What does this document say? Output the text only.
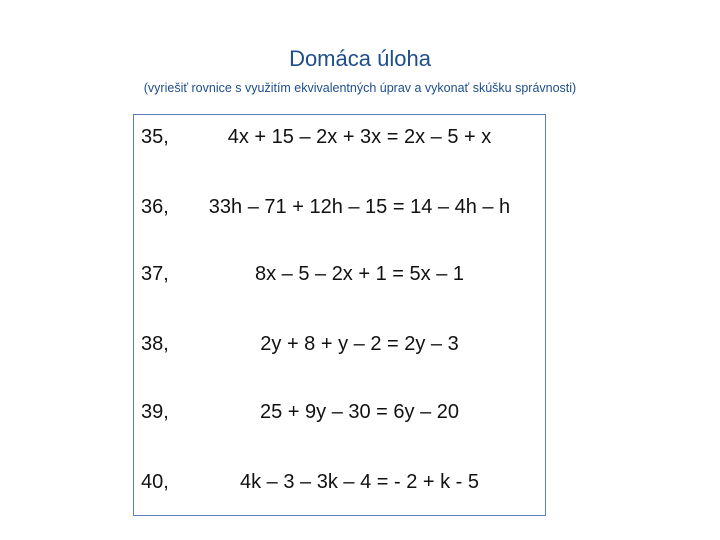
Domáca úloha
(vyriešiť rovnice s využitím ekvivalentných úprav a vykonať skúšku správnosti)
35,	4x + 15 – 2x + 3x = 2x – 5 + x
36,	33h – 71 + 12h – 15 = 14 – 4h – h
37,	8x – 5 – 2x + 1 = 5x – 1
38,	2y + 8 + y – 2 = 2y – 3
39,	25 + 9y – 30 = 6y – 20
40,	4k – 3 – 3k – 4 = - 2 + k - 5
